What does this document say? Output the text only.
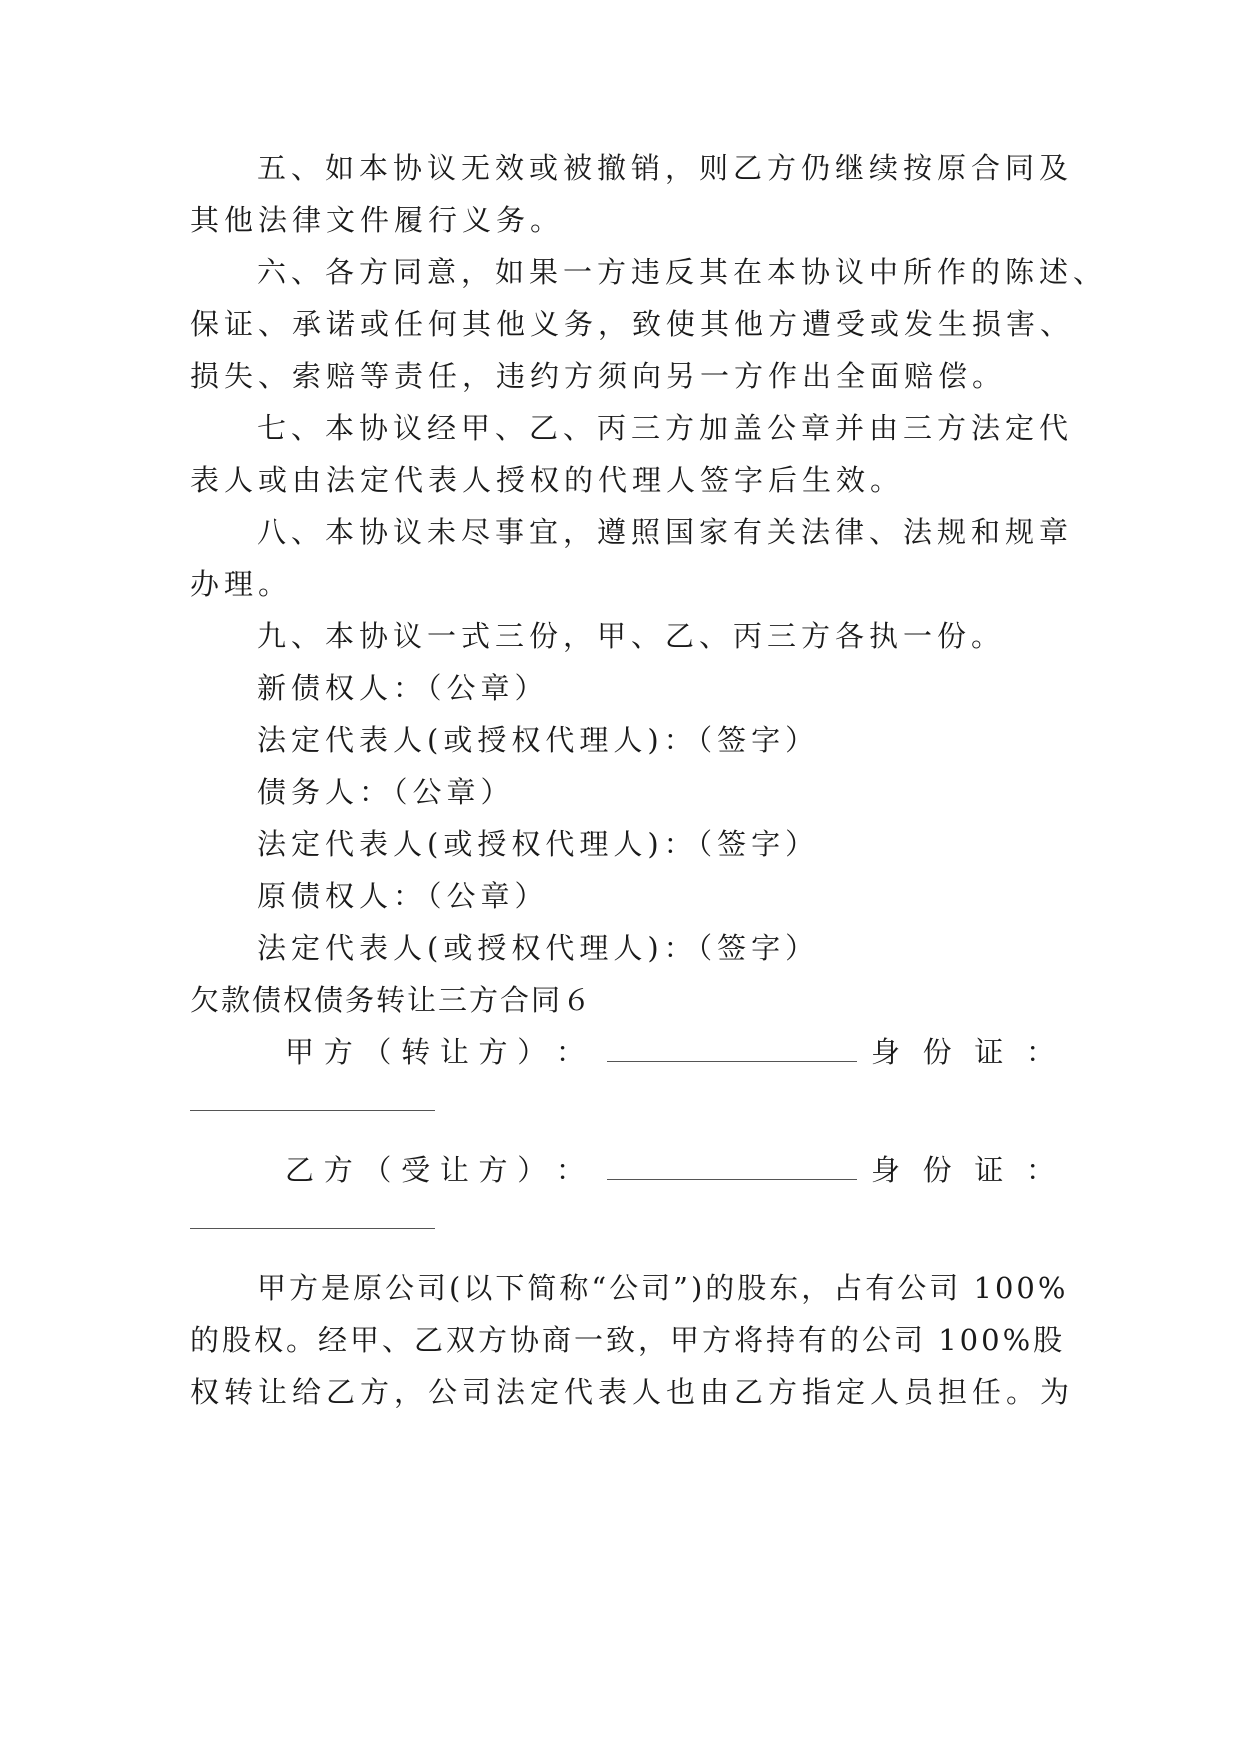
五、如本协议无效或被撤销，则乙方仍继续按原合同及
其他法律文件履行义务。
六、各方同意，如果一方违反其在本协议中所作的陈述、
保证、承诺或任何其他义务，致使其他方遭受或发生损害、
损失、索赔等责任，违约方须向另一方作出全面赔偿。
七、本协议经甲、乙、丙三方加盖公章并由三方法定代
表人或由法定代表人授权的代理人签字后生效。
八、本协议未尽事宜，遵照国家有关法律、法规和规章
办理。
九、本协议一式三份，甲、乙、丙三方各执一份。
新债权人：（公章）
法定代表人(或授权代理人)：（签字）
债务人：（公章）
法定代表人(或授权代理人)：（签字）
原债权人：（公章）
法定代表人(或授权代理人)：（签字）
欠款债权债务转让三方合同６
甲 方 （ 转 让 方 ） ：	身 份 证 ：
乙 方 （ 受 让 方 ） ：	身 份 证 ：
甲方是原公司(以下简称“公司”)的股东，占有公司 100%
的股权。经甲、乙双方协商一致，甲方将持有的公司 100%股
权转让给乙方，公司法定代表人也由乙方指定人员担任。为
